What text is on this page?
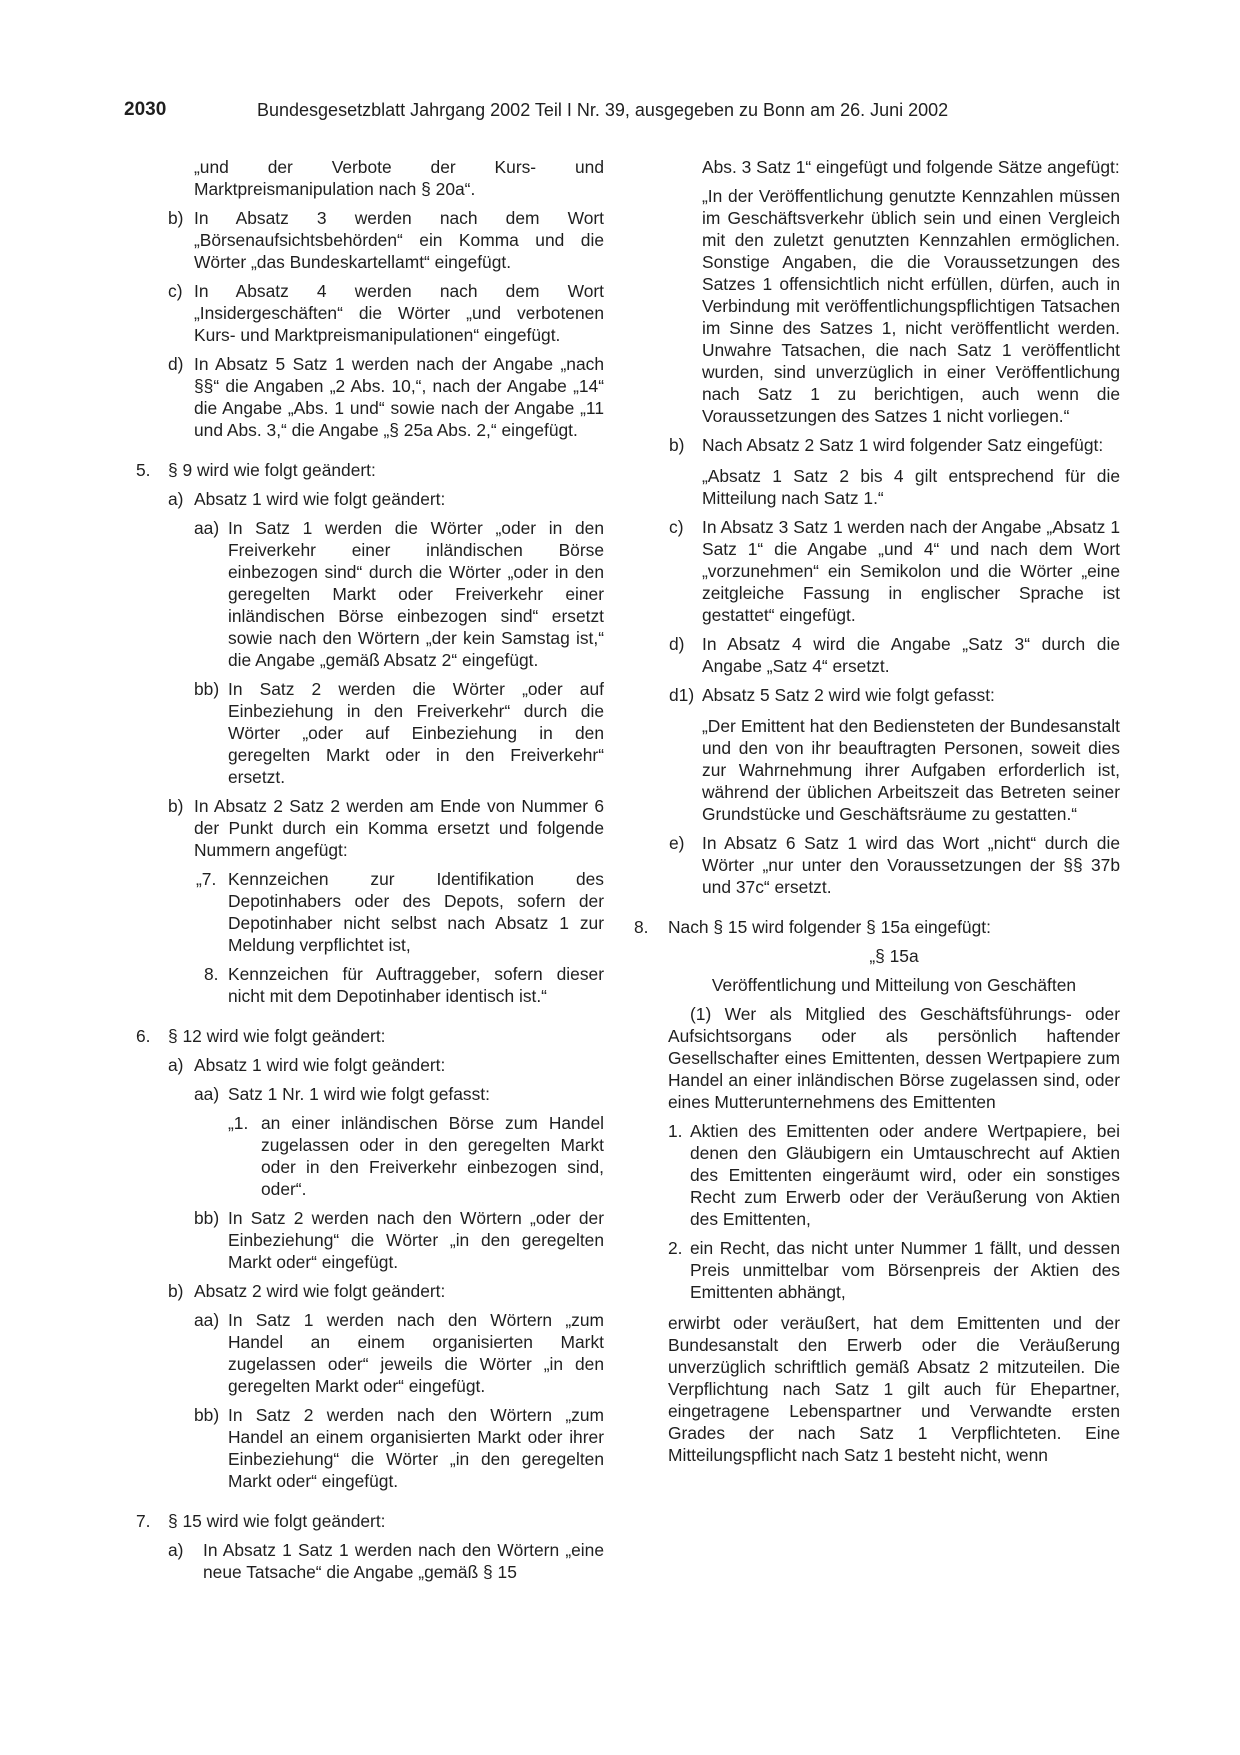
2030	Bundesgesetzblatt Jahrgang 2002 Teil I Nr. 39, ausgegeben zu Bonn am 26. Juni 2002
„und der Verbote der Kurs- und Marktpreismanipulation nach § 20a“.
b) In Absatz 3 werden nach dem Wort „Börsenaufsichtsbehörden“ ein Komma und die Wörter „das Bundeskartellamt“ eingefügt.
c) In Absatz 4 werden nach dem Wort „Insidergeschäften“ die Wörter „und verbotenen Kurs- und Marktpreismanipulationen“ eingefügt.
d) In Absatz 5 Satz 1 werden nach der Angabe „nach §§“ die Angaben „2 Abs. 10,“, nach der Angabe „14“ die Angabe „Abs. 1 und“ sowie nach der Angabe „11 und Abs. 3,“ die Angabe „§ 25a Abs. 2,“ eingefügt.
5. § 9 wird wie folgt geändert:
a) Absatz 1 wird wie folgt geändert:
aa) In Satz 1 werden die Wörter „oder in den Freiverkehr einer inländischen Börse einbezogen sind“ durch die Wörter „oder in den geregelten Markt oder Freiverkehr einer inländischen Börse einbezogen sind“ ersetzt sowie nach den Wörtern „der kein Samstag ist,“ die Angabe „gemäß Absatz 2“ eingefügt.
bb) In Satz 2 werden die Wörter „oder auf Einbeziehung in den Freiverkehr“ durch die Wörter „oder auf Einbeziehung in den geregelten Markt oder in den Freiverkehr“ ersetzt.
b) In Absatz 2 Satz 2 werden am Ende von Nummer 6 der Punkt durch ein Komma ersetzt und folgende Nummern angefügt:
„7. Kennzeichen zur Identifikation des Depotinhabers oder des Depots, sofern der Depotinhaber nicht selbst nach Absatz 1 zur Meldung verpflichtet ist,
8. Kennzeichen für Auftraggeber, sofern dieser nicht mit dem Depotinhaber identisch ist.“
6. § 12 wird wie folgt geändert:
a) Absatz 1 wird wie folgt geändert:
aa) Satz 1 Nr. 1 wird wie folgt gefasst:
„1. an einer inländischen Börse zum Handel zugelassen oder in den geregelten Markt oder in den Freiverkehr einbezogen sind, oder“.
bb) In Satz 2 werden nach den Wörtern „oder der Einbeziehung“ die Wörter „in den geregelten Markt oder“ eingefügt.
b) Absatz 2 wird wie folgt geändert:
aa) In Satz 1 werden nach den Wörtern „zum Handel an einem organisierten Markt zugelassen oder“ jeweils die Wörter „in den geregelten Markt oder“ eingefügt.
bb) In Satz 2 werden nach den Wörtern „zum Handel an einem organisierten Markt oder ihrer Einbeziehung“ die Wörter „in den geregelten Markt oder“ eingefügt.
7. § 15 wird wie folgt geändert:
a) In Absatz 1 Satz 1 werden nach den Wörtern „eine neue Tatsache“ die Angabe „gemäß § 15
Abs. 3 Satz 1“ eingefügt und folgende Sätze angefügt:
„In der Veröffentlichung genutzte Kennzahlen müssen im Geschäftsverkehr üblich sein und einen Vergleich mit den zuletzt genutzten Kennzahlen ermöglichen. Sonstige Angaben, die die Voraussetzungen des Satzes 1 offensichtlich nicht erfüllen, dürfen, auch in Verbindung mit veröffentlichungspflichtigen Tatsachen im Sinne des Satzes 1, nicht veröffentlicht werden. Unwahre Tatsachen, die nach Satz 1 veröffentlicht wurden, sind unverzüglich in einer Veröffentlichung nach Satz 1 zu berichtigen, auch wenn die Voraussetzungen des Satzes 1 nicht vorliegen.“
b) Nach Absatz 2 Satz 1 wird folgender Satz eingefügt:
„Absatz 1 Satz 2 bis 4 gilt entsprechend für die Mitteilung nach Satz 1.“
c) In Absatz 3 Satz 1 werden nach der Angabe „Absatz 1 Satz 1“ die Angabe „und 4“ und nach dem Wort „vorzunehmen“ ein Semikolon und die Wörter „eine zeitgleiche Fassung in englischer Sprache ist gestattet“ eingefügt.
d) In Absatz 4 wird die Angabe „Satz 3“ durch die Angabe „Satz 4“ ersetzt.
d1) Absatz 5 Satz 2 wird wie folgt gefasst:
„Der Emittent hat den Bediensteten der Bundesanstalt und den von ihr beauftragten Personen, soweit dies zur Wahrnehmung ihrer Aufgaben erforderlich ist, während der üblichen Arbeitszeit das Betreten seiner Grundstücke und Geschäftsräume zu gestatten.“
e) In Absatz 6 Satz 1 wird das Wort „nicht“ durch die Wörter „nur unter den Voraussetzungen der §§ 37b und 37c“ ersetzt.
8. Nach § 15 wird folgender § 15a eingefügt:
„§ 15a
Veröffentlichung und Mitteilung von Geschäften
(1) Wer als Mitglied des Geschäftsführungs- oder Aufsichtsorgans oder als persönlich haftender Gesellschafter eines Emittenten, dessen Wertpapiere zum Handel an einer inländischen Börse zugelassen sind, oder eines Mutterunternehmens des Emittenten
1. Aktien des Emittenten oder andere Wertpapiere, bei denen den Gläubigern ein Umtauschrecht auf Aktien des Emittenten eingeräumt wird, oder ein sonstiges Recht zum Erwerb oder der Veräußerung von Aktien des Emittenten,
2. ein Recht, das nicht unter Nummer 1 fällt, und dessen Preis unmittelbar vom Börsenpreis der Aktien des Emittenten abhängt,
erwirbt oder veräußert, hat dem Emittenten und der Bundesanstalt den Erwerb oder die Veräußerung unverzüglich schriftlich gemäß Absatz 2 mitzuteilen. Die Verpflichtung nach Satz 1 gilt auch für Ehepartner, eingetragene Lebenspartner und Verwandte ersten Grades der nach Satz 1 Verpflichteten. Eine Mitteilungspflicht nach Satz 1 besteht nicht, wenn
